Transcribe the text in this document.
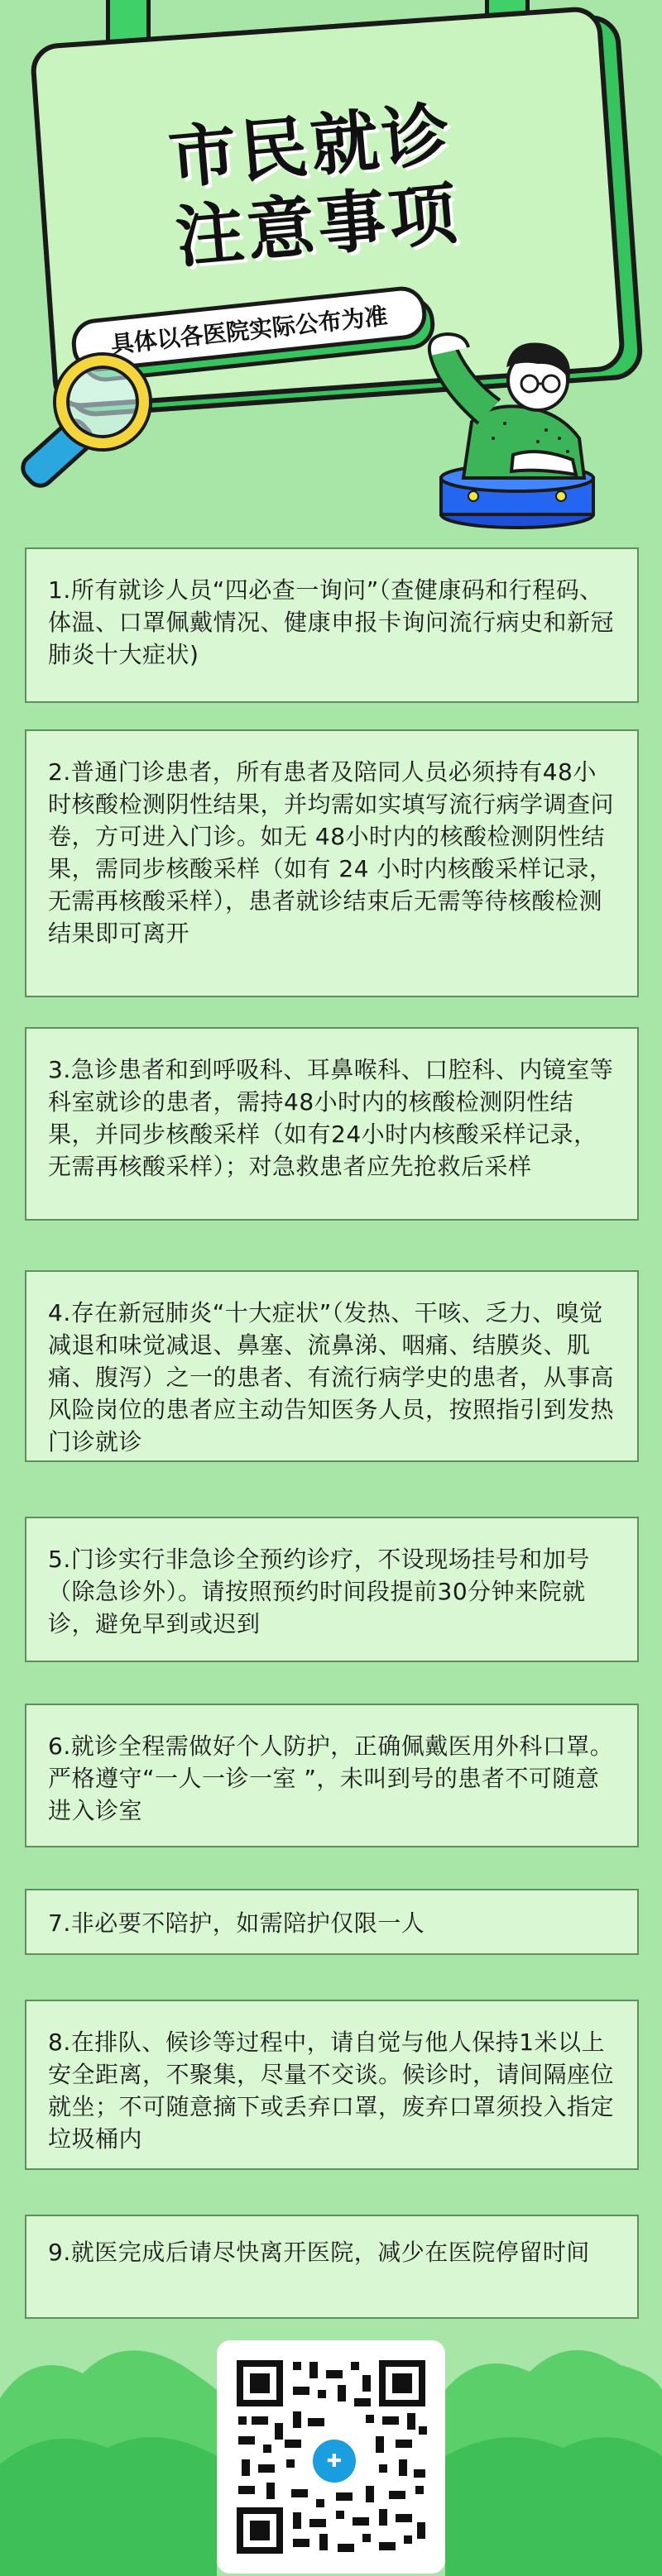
市民就诊
注意事项
具体以各医院实际公布为准

1.所有就诊人员“四必查一询问”（查健康码和行程码、体温、口罩佩戴情况、健康申报卡询问流行病史和新冠肺炎十大症状)

2.普通门诊患者，所有患者及陪同人员必须持有48小时核酸检测阴性结果，并均需如实填写流行病学调查问卷，方可进入门诊。如无 48小时内的核酸检测阴性结果，需同步核酸采样（如有 24 小时内核酸采样记录，无需再核酸采样），患者就诊结束后无需等待核酸检测结果即可离开

3.急诊患者和到呼吸科、耳鼻喉科、口腔科、内镜室等科室就诊的患者，需持48小时内的核酸检测阴性结果，并同步核酸采样（如有24小时内核酸采样记录，无需再核酸采样）；对急救患者应先抢救后采样

4.存在新冠肺炎“十大症状”（发热、干咳、乏力、嗅觉减退和味觉减退、鼻塞、流鼻涕、咽痛、结膜炎、肌痛、腹泻）之一的患者、有流行病学史的患者，从事高风险岗位的患者应主动告知医务人员，按照指引到发热门诊就诊

5.门诊实行非急诊全预约诊疗，不设现场挂号和加号（除急诊外）。请按照预约时间段提前30分钟来院就诊，避免早到或迟到

6.就诊全程需做好个人防护，正确佩戴医用外科口罩。严格遵守“一人一诊一室 ”，未叫到号的患者不可随意进入诊室

7.非必要不陪护，如需陪护仅限一人

8.在排队、候诊等过程中，请自觉与他人保持1米以上安全距离，不聚集，尽量不交谈。候诊时，请间隔座位就坐；不可随意摘下或丢弃口罩，废弃口罩须投入指定垃圾桶内

9.就医完成后请尽快离开医院，减少在医院停留时间

✚
